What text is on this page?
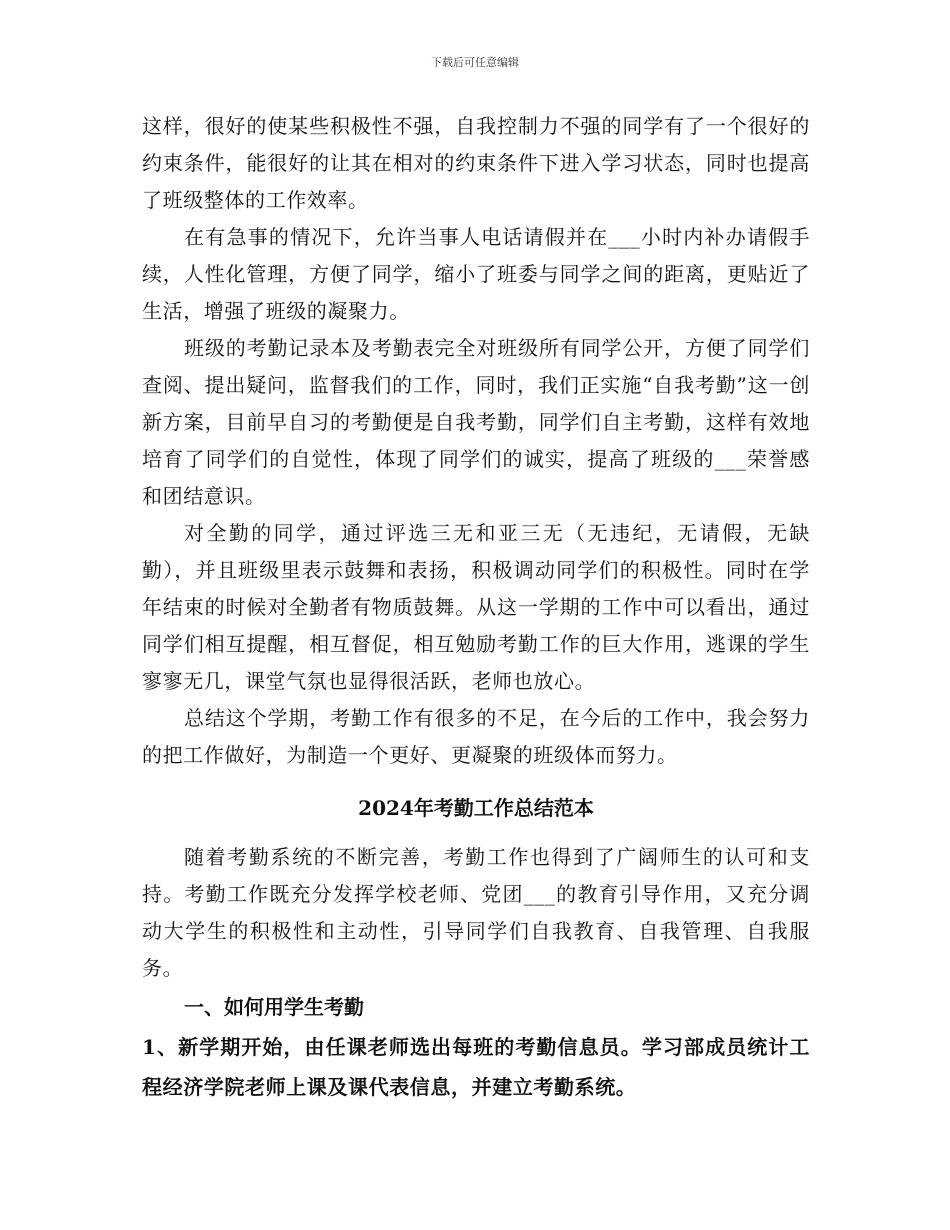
下载后可任意编辑

这样，很好的使某些积极性不强，自我控制力不强的同学有了一个很好的约束条件，能很好的让其在相对的约束条件下进入学习状态，同时也提高了班级整体的工作效率。

在有急事的情况下，允许当事人电话请假并在___小时内补办请假手续，人性化管理，方便了同学，缩小了班委与同学之间的距离，更贴近了生活，增强了班级的凝聚力。

班级的考勤记录本及考勤表完全对班级所有同学公开，方便了同学们查阅、提出疑问，监督我们的工作，同时，我们正实施“自我考勤”这一创新方案，目前早自习的考勤便是自我考勤，同学们自主考勤，这样有效地培育了同学们的自觉性，体现了同学们的诚实，提高了班级的___荣誉感和团结意识。

对全勤的同学，通过评选三无和亚三无（无违纪，无请假，无缺勤），并且班级里表示鼓舞和表扬，积极调动同学们的积极性。同时在学年结束的时候对全勤者有物质鼓舞。从这一学期的工作中可以看出，通过同学们相互提醒，相互督促，相互勉励考勤工作的巨大作用，逃课的学生寥寥无几，课堂气氛也显得很活跃，老师也放心。

总结这个学期，考勤工作有很多的不足，在今后的工作中，我会努力的把工作做好，为制造一个更好、更凝聚的班级体而努力。

2024年考勤工作总结范本

随着考勤系统的不断完善，考勤工作也得到了广阔师生的认可和支持。考勤工作既充分发挥学校老师、党团___的教育引导作用，又充分调动大学生的积极性和主动性，引导同学们自我教育、自我管理、自我服务。

一、如何用学生考勤

1、新学期开始，由任课老师选出每班的考勤信息员。学习部成员统计工程经济学院老师上课及课代表信息，并建立考勤系统。
